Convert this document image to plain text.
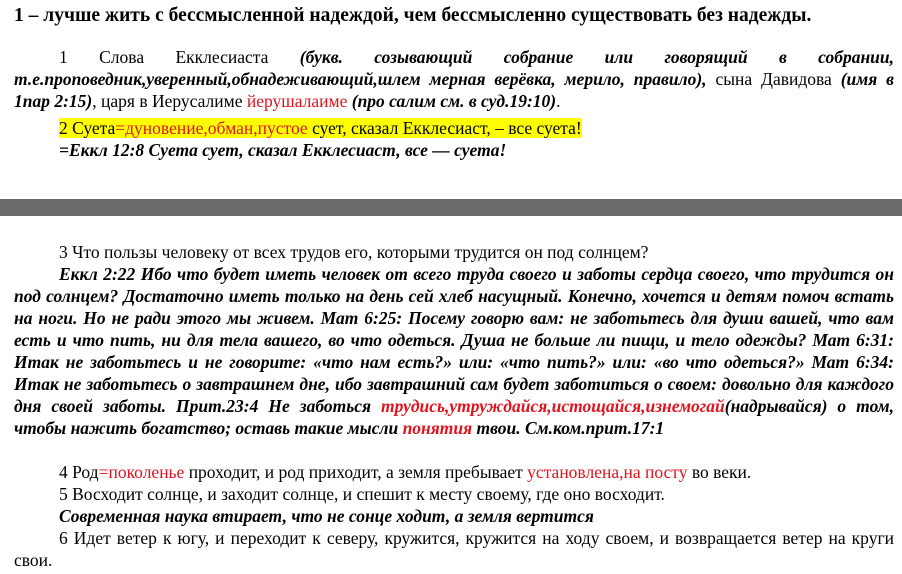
1 – лучше жить с бессмысленной надеждой, чем бессмысленно существовать без надежды.

1 Слова Екклесиаста (букв. созывающий собрание или говорящий в собрании, т.е.проповедник,уверенный,обнадеживающий,шлем мерная верёвка, мерило, правило), сына Давидова (имя в 1пар 2:15), царя в Иерусалиме йерушалаиме (про салим см. в суд.19:10).

2 Суета=дуновение,обман,пустое сует, сказал Екклесиаст, – все суета!

=Еккл 12:8 Суета сует, сказал Екклесиаст, все — суета!

3 Что пользы человеку от всех трудов его, которыми трудится он под солнцем?

Еккл 2:22 Ибо что будет иметь человек от всего труда своего и заботы сердца своего, что трудится он под солнцем? Достаточно иметь только на день сей хлеб насущный. Конечно, хочется и детям помоч встать на ноги. Но не ради этого мы живем. Мат 6:25: Посему говорю вам: не заботьтесь для души вашей, что вам есть и что пить, ни для тела вашего, во что одеться. Душа не больше ли пищи, и тело одежды? Мат 6:31: Итак не заботьтесь и не говорите: «что нам есть?» или: «что пить?» или: «во что одеться?» Мат 6:34: Итак не заботьтесь о завтрашнем дне, ибо завтрашний сам будет заботиться о своем: довольно для каждого дня своей заботы. Прит.23:4 Не заботься трудись,утруждайся,истощайся,изнемогай(надрывайся) о том, чтобы нажить богатство; оставь такие мысли понятия твои. См.ком.прит.17:1

4 Род=поколенье проходит, и род приходит, а земля пребывает установлена,на посту во веки.

5 Восходит солнце, и заходит солнце, и спешит к месту своему, где оно восходит.

Современная наука втирает, что не сонце ходит, а земля вертится

6 Идет ветер к югу, и переходит к северу, кружится, кружится на ходу своем, и возвращается ветер на круги свои.
